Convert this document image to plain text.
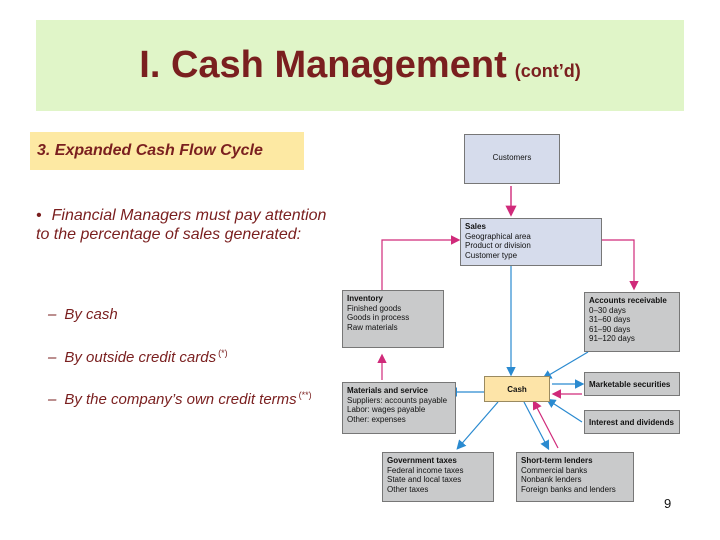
I. Cash Management (cont’d)
3. Expanded Cash Flow Cycle
• Financial Managers must pay attention to the percentage of sales generated:
– By cash
– By outside credit cards (*)
– By the company’s own credit terms (**)
Customers
Sales
Geographical area
Product or division
Customer type
Inventory
Finished goods
Goods in process
Raw materials
Accounts receivable
0–30 days
31–60 days
61–90 days
91–120 days
Cash
Marketable securities
Interest and dividends
Materials and service
Suppliers: accounts payable
Labor: wages payable
Other: expenses
Government taxes
Federal income taxes
State and local taxes
Other taxes
Short-term lenders
Commercial banks
Nonbank lenders
Foreign banks and lenders
9
